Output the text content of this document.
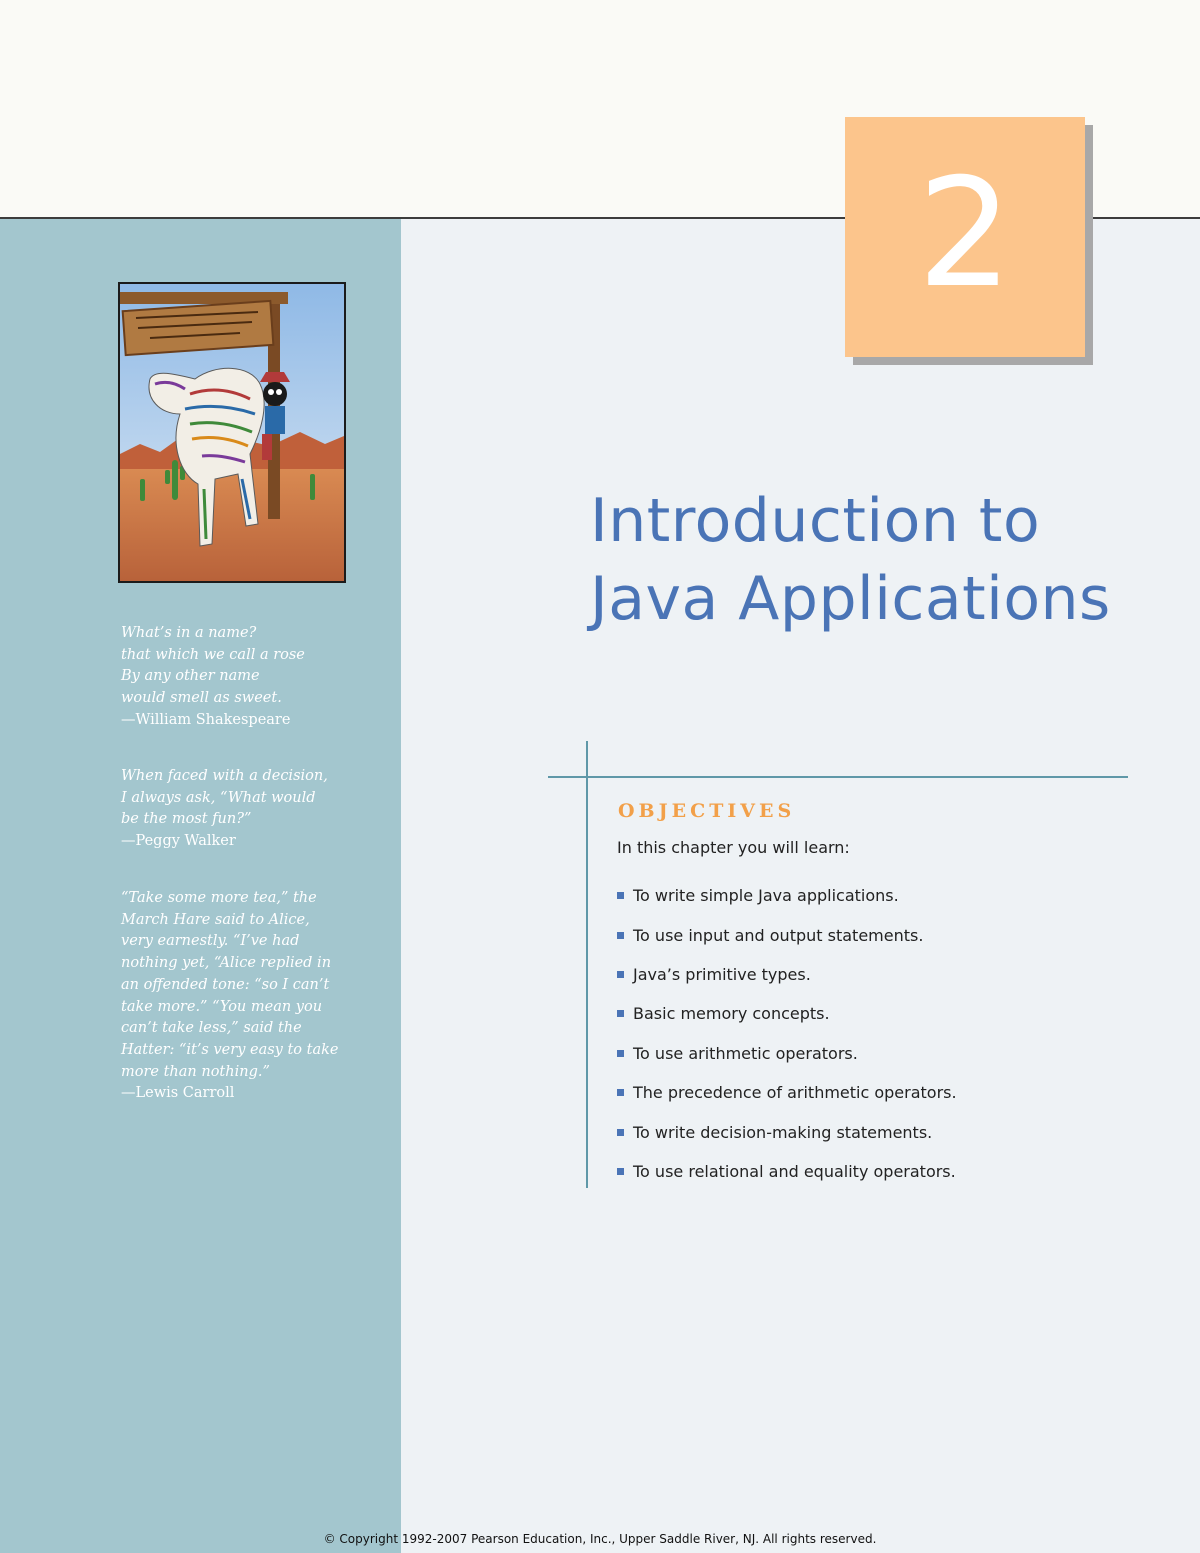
2
Introduction to
Java Applications
OBJECTIVES
In this chapter you will learn:
To write simple Java applications.
To use input and output statements.
Java’s primitive types.
Basic memory concepts.
To use arithmetic operators.
The precedence of arithmetic operators.
To write decision-making statements.
To use relational and equality operators.
What’s in a name?
that which we call a rose
By any other name
would smell as sweet.
—William Shakespeare
When faced with a decision,
I always ask, “What would
be the most fun?”
—Peggy Walker
“Take some more tea,” the
March Hare said to Alice,
very earnestly. “I’ve had
nothing yet, “Alice replied in
an offended tone: “so I can’t
take more.” “You mean you
can’t take less,” said the
Hatter: “it’s very easy to take
more than nothing.”
—Lewis Carroll
© Copyright 1992-2007 Pearson Education, Inc., Upper Saddle River, NJ. All rights reserved.
